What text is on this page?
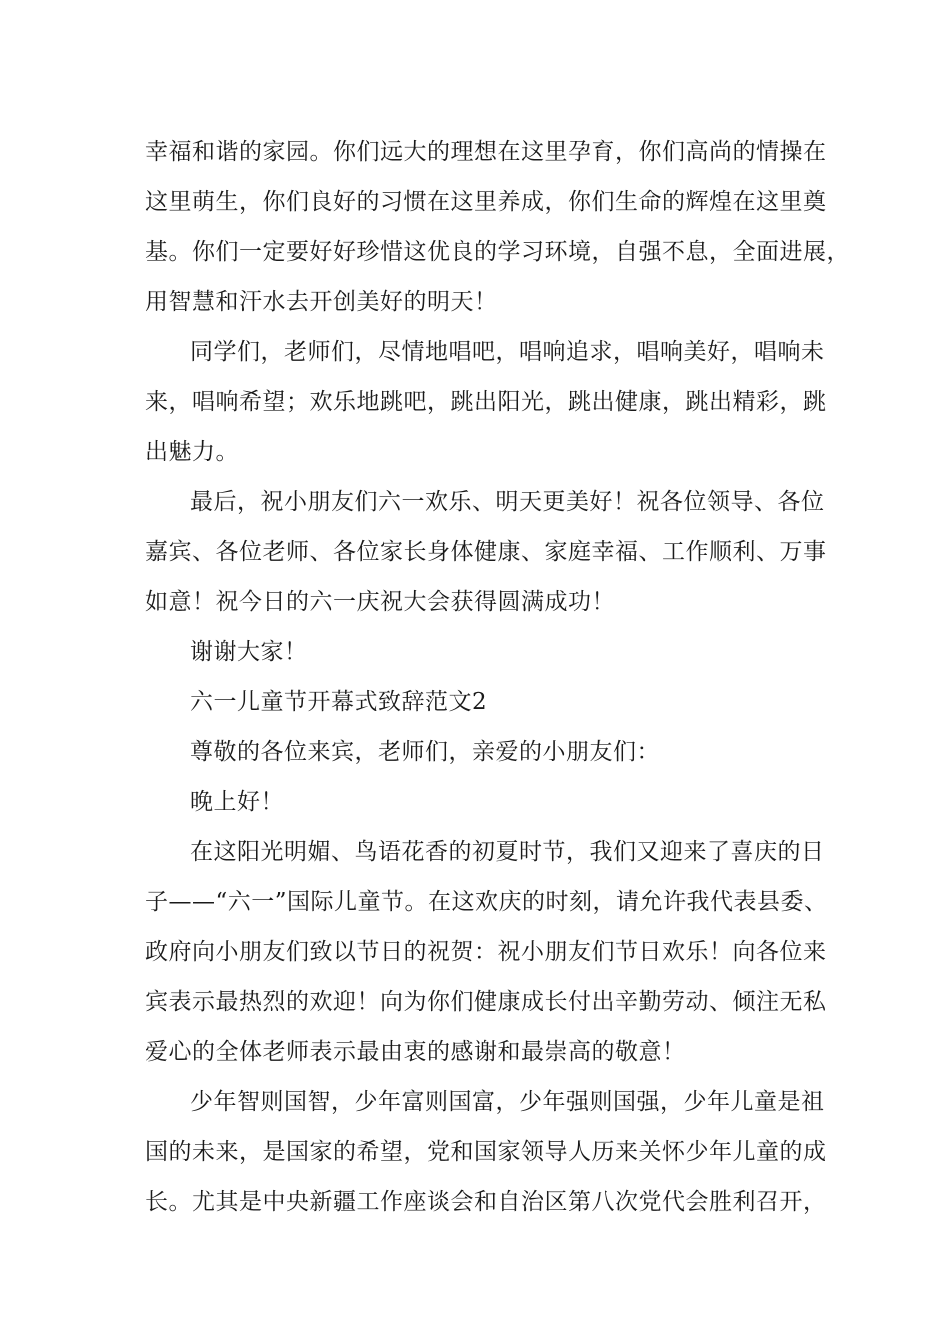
幸福和谐的家园。你们远大的理想在这里孕育，你们高尚的情操在
这里萌生，你们良好的习惯在这里养成，你们生命的辉煌在这里奠
基。你们一定要好好珍惜这优良的学习环境，自强不息，全面进展，
用智慧和汗水去开创美好的明天！
同学们，老师们，尽情地唱吧，唱响追求，唱响美好，唱响未
来，唱响希望；欢乐地跳吧，跳出阳光，跳出健康，跳出精彩，跳
出魅力。
最后，祝小朋友们六一欢乐、明天更美好！祝各位领导、各位
嘉宾、各位老师、各位家长身体健康、家庭幸福、工作顺利、万事
如意！祝今日的六一庆祝大会获得圆满成功！
谢谢大家！
六一儿童节开幕式致辞范文2
尊敬的各位来宾，老师们，亲爱的小朋友们：
晚上好！
在这阳光明媚、鸟语花香的初夏时节，我们又迎来了喜庆的日
子——“六一”国际儿童节。在这欢庆的时刻，请允许我代表县委、
政府向小朋友们致以节日的祝贺：祝小朋友们节日欢乐！向各位来
宾表示最热烈的欢迎！向为你们健康成长付出辛勤劳动、倾注无私
爱心的全体老师表示最由衷的感谢和最崇高的敬意！
少年智则国智，少年富则国富，少年强则国强，少年儿童是祖
国的未来，是国家的希望，党和国家领导人历来关怀少年儿童的成
长。尤其是中央新疆工作座谈会和自治区第八次党代会胜利召开，
